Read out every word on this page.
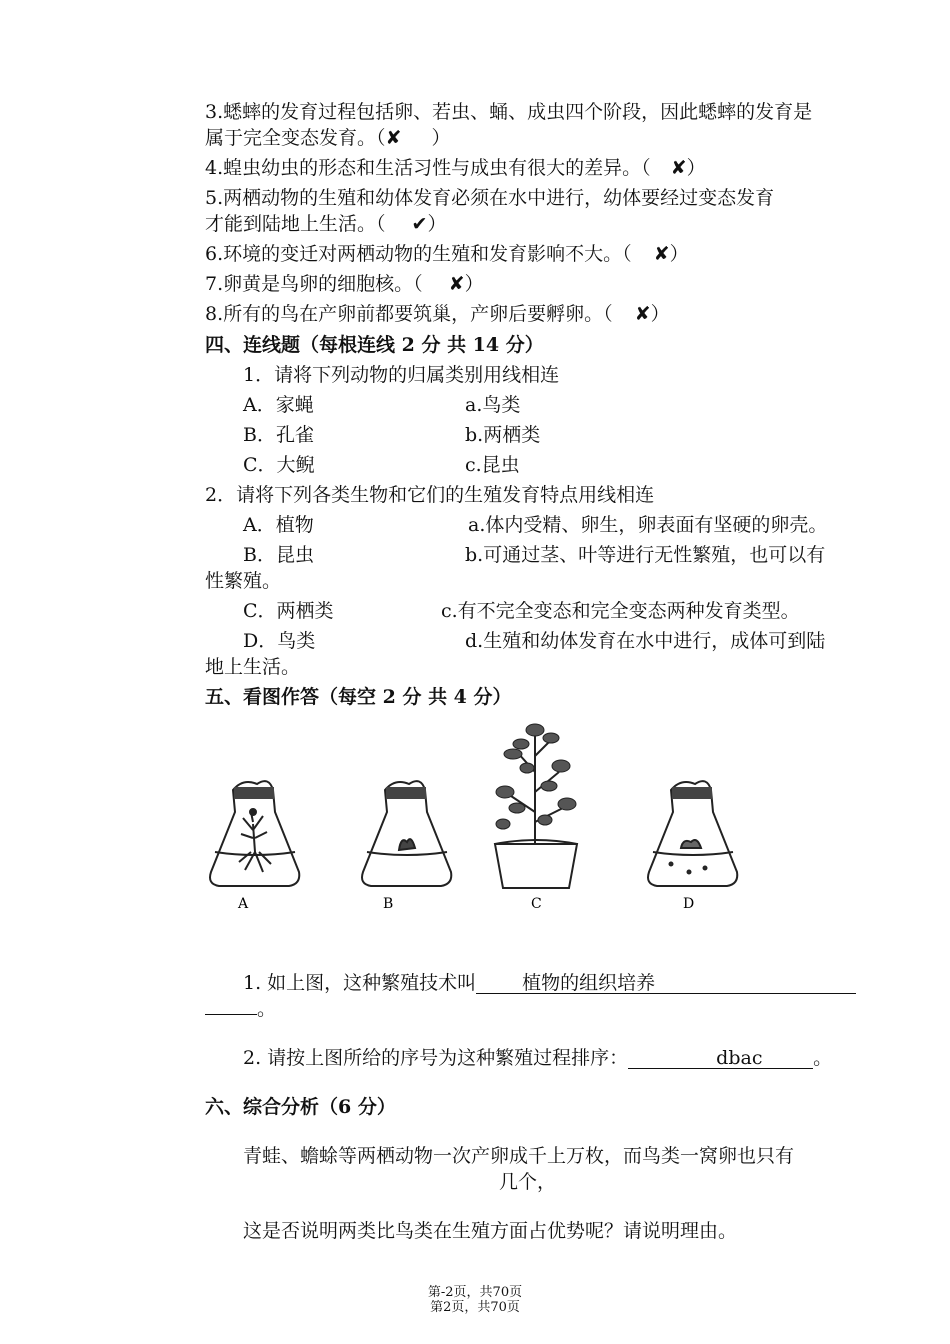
3.蟋蟀的发育过程包括卵、若虫、蛹、成虫四个阶段，因此蟋蟀的发育是
属于完全变态发育。（✘ ）
4.蝗虫幼虫的形态和生活习性与成虫有很大的差异。（ ✘）
5.两栖动物的生殖和幼体发育必须在水中进行，幼体要经过变态发育
才能到陆地上生活。（ ✔）
6.环境的变迁对两栖动物的生殖和发育影响不大。（ ✘）
7.卵黄是鸟卵的细胞核。（ ✘）
8.所有的鸟在产卵前都要筑巢，产卵后要孵卵。（ ✘）
四、连线题（每根连线 2 分 共 14 分）
1．请将下列动物的归属类别用线相连
A．家蝇	a.鸟类
B．孔雀	b.两栖类
C．大鲵	c.昆虫
2．请将下列各类生物和它们的生殖发育特点用线相连
A．植物	a.体内受精、卵生，卵表面有坚硬的卵壳。
B．昆虫	b.可通过茎、叶等进行无性繁殖，也可以有
性繁殖。
C．两栖类	c.有不完全变态和完全变态两种发育类型。
D．鸟类	d.生殖和幼体发育在水中进行，成体可到陆
地上生活。
五、看图作答（每空 2 分 共 4 分）
A	B	C	D
1. 如上图，这种繁殖技术叫 植物的组织培养
。
2. 请按上图所给的序号为这种繁殖过程排序：	dbac	。
六、综合分析（6 分）
青蛙、蟾蜍等两栖动物一次产卵成千上万枚，而鸟类一窝卵也只有
几个，
这是否说明两类比鸟类在生殖方面占优势呢？请说明理由。
第-2页，共70页
第2页，共70页
